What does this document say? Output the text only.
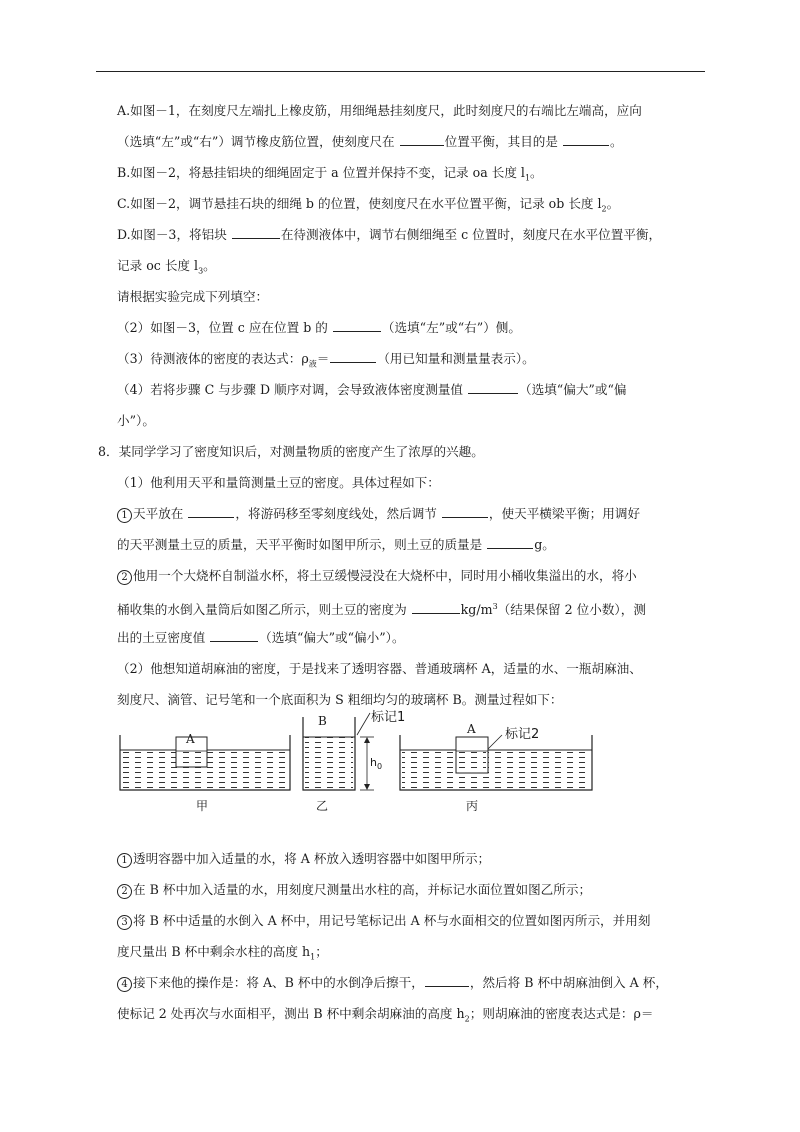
A.如图－1，在刻度尺左端扎上橡皮筋，用细绳悬挂刻度尺，此时刻度尺的右端比左端高，应向
（选填“左”或“右”）调节橡皮筋位置，使刻度尺在	位置平衡，其目的是	。
B.如图－2，将悬挂铝块的细绳固定于 a 位置并保持不变，记录 oa 长度 $l_1$。
C.如图－2，调节悬挂石块的细绳 b 的位置，使刻度尺在水平位置平衡，记录 ob 长度 $l_2$。
D.如图－3，将铝块	在待测液体中，调节右侧细绳至 c 位置时，刻度尺在水平位置平衡，
记录 oc 长度 $l_3$。
请根据实验完成下列填空：
（2）如图－3，位置 c 应在位置 b 的	（选填“左”或“右”）侧。
（3）待测液体的密度的表达式：$\rho_液=$	（用已知量和测量量表示）。
（4）若将步骤 C 与步骤 D 顺序对调，会导致液体密度测量值	（选填“偏大”或“偏
小”）。
8．某同学学习了密度知识后，对测量物质的密度产生了浓厚的兴趣。
（1）他利用天平和量筒测量土豆的密度。具体过程如下：
1 天平放在	，将游码移至零刻度线处，然后调节	，使天平横梁平衡；用调好
的天平测量土豆的质量，天平平衡时如图甲所示，则土豆的质量是	g。
2 他用一个大烧杯自制溢水杯，将土豆缓慢浸没在大烧杯中，同时用小桶收集溢出的水，将小
桶收集的水倒入量筒后如图乙所示，则土豆的密度为	$kg/m^3$（结果保留 2 位小数），测
出的土豆密度值	（选填“偏大”或“偏小”）。
（2）他想知道胡麻油的密度，于是找来了透明容器、普通玻璃杯 A，适量的水、一瓶胡麻油、
刻度尺、滴管、记号笔和一个底面积为 S 粗细均匀的玻璃杯 B。测量过程如下：
1 透明容器中加入适量的水，将 A 杯放入透明容器中如图甲所示；
2 在 B 杯中加入适量的水，用刻度尺测量出水柱的高，并标记水面位置如图乙所示；
3 将 B 杯中适量的水倒入 A 杯中，用记号笔标记出 A 杯与水面相交的位置如图丙所示，并用刻
度尺量出 B 杯中剩余水柱的高度 $h_1$；
4 接下来他的操作是：将 A、B 杯中的水倒净后擦干，	，然后将 B 杯中胡麻油倒入 A 杯，
使标记 2 处再次与水面相平，测出 B 杯中剩余胡麻油的高度 $h_2$；则胡麻油的密度表达式是：ρ＝
A
甲
B	标记1
$h_0$
乙
A 标记2
丙
